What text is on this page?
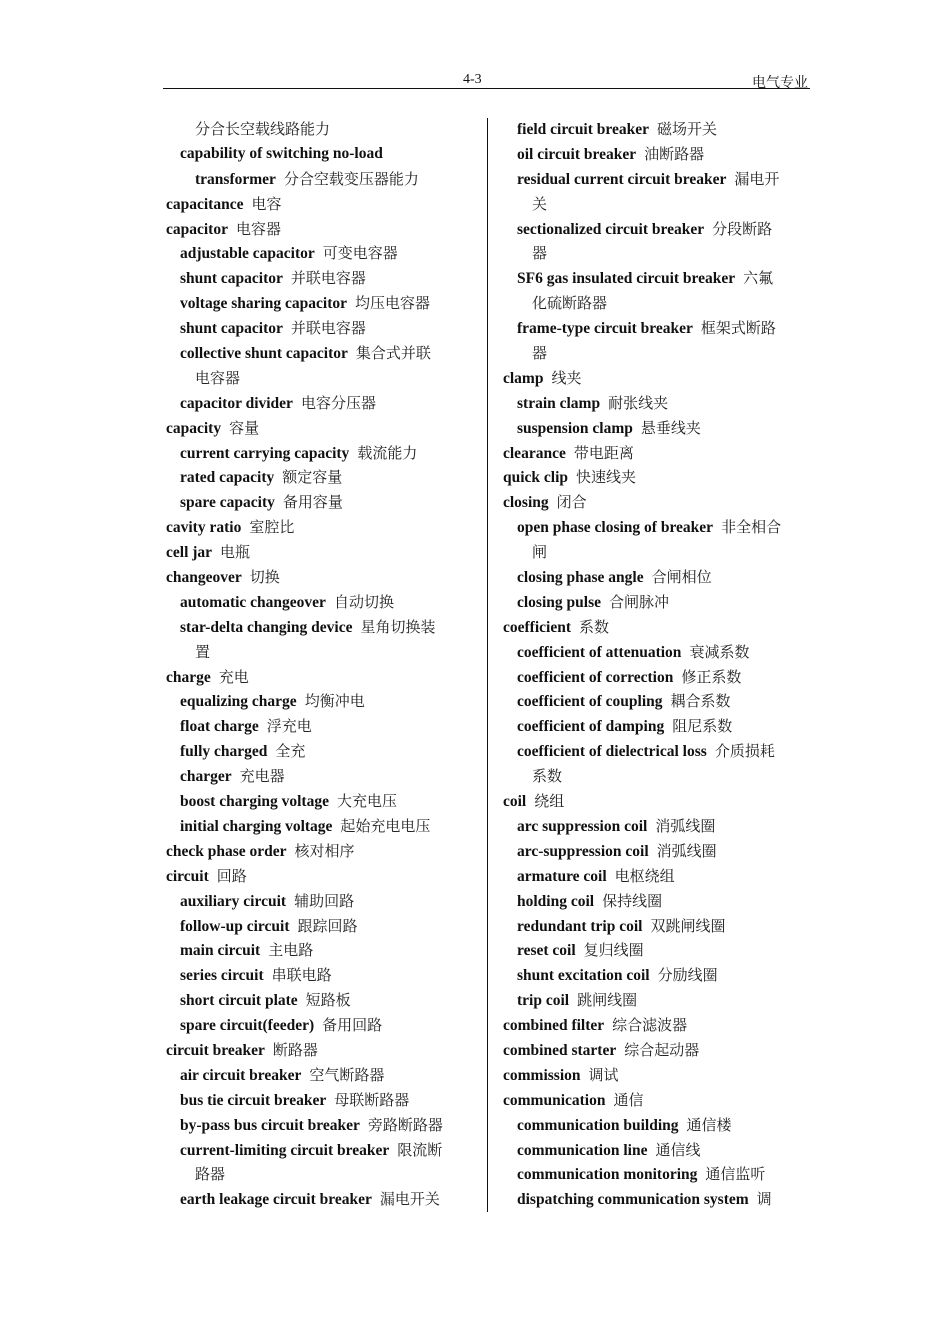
4-3	电气专业
分合长空载线路能力
capability of switching no-load
transformer 分合空载变压器能力
capacitance 电容
capacitor 电容器
adjustable capacitor 可变电容器
shunt capacitor 并联电容器
voltage sharing capacitor 均压电容器
shunt capacitor 并联电容器
collective shunt capacitor 集合式并联
电容器
capacitor divider 电容分压器
capacity 容量
current carrying capacity 载流能力
rated capacity 额定容量
spare capacity 备用容量
cavity ratio 室腔比
cell jar 电瓶
changeover 切换
automatic changeover 自动切换
star-delta changing device 星角切换装
置
charge 充电
equalizing charge 均衡冲电
float charge 浮充电
fully charged 全充
charger 充电器
boost charging voltage 大充电压
initial charging voltage 起始充电电压
check phase order 核对相序
circuit 回路
auxiliary circuit 辅助回路
follow-up circuit 跟踪回路
main circuit 主电路
series circuit 串联电路
short circuit plate 短路板
spare circuit(feeder) 备用回路
circuit breaker 断路器
air circuit breaker 空气断路器
bus tie circuit breaker 母联断路器
by-pass bus circuit breaker 旁路断路器
current-limiting circuit breaker 限流断
路器
earth leakage circuit breaker 漏电开关
field circuit breaker 磁场开关
oil circuit breaker 油断路器
residual current circuit breaker 漏电开
关
sectionalized circuit breaker 分段断路
器
SF6 gas insulated circuit breaker 六氟
化硫断路器
frame-type circuit breaker 框架式断路
器
clamp 线夹
strain clamp 耐张线夹
suspension clamp 悬垂线夹
clearance 带电距离
quick clip 快速线夹
closing 闭合
open phase closing of breaker 非全相合
闸
closing phase angle 合闸相位
closing pulse 合闸脉冲
coefficient 系数
coefficient of attenuation 衰减系数
coefficient of correction 修正系数
coefficient of coupling 耦合系数
coefficient of damping 阻尼系数
coefficient of dielectrical loss 介质损耗
系数
coil 绕组
arc suppression coil 消弧线圈
arc-suppression coil 消弧线圈
armature coil 电枢绕组
holding coil 保持线圈
redundant trip coil 双跳闸线圈
reset coil 复归线圈
shunt excitation coil 分励线圈
trip coil 跳闸线圈
combined filter 综合滤波器
combined starter 综合起动器
commission 调试
communication 通信
communication building 通信楼
communication line 通信线
communication monitoring 通信监听
dispatching communication system 调
